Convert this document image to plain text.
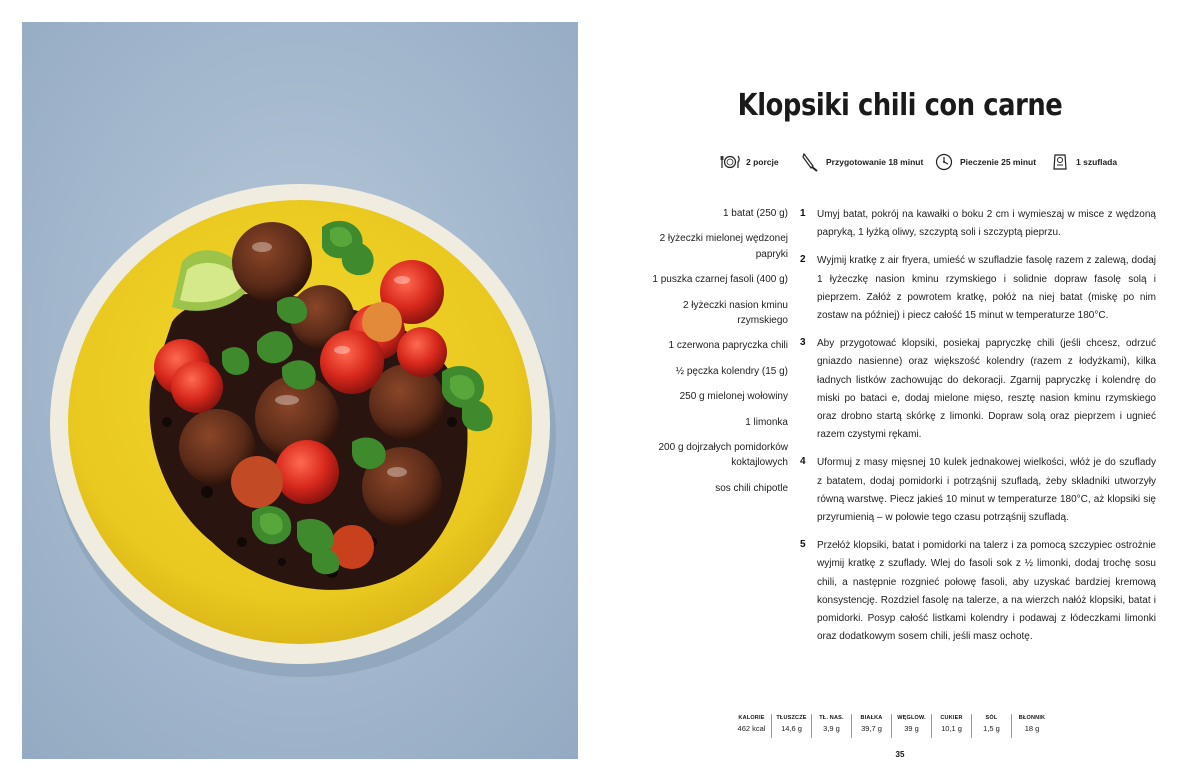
Klopsiki chili con carne
2 porcje	Przygotowanie 18 minut	Pieczenie 25 minut	1 szuflada

1 batat (250 g)

2 łyżeczki mielonej wędzonej papryki

1 puszka czarnej fasoli (400 g)

2 łyżeczki nasion kminu rzymskiego

1 czerwona papryczka chili

½ pęczka kolendry (15 g)

250 g mielonej wołowiny

1 limonka

200 g dojrzałych pomidorków koktajlowych

sos chili chipotle

1 Umyj batat, pokrój na kawałki o boku 2 cm i wymieszaj w misce z wędzoną papryką, 1 łyżką oliwy, szczyptą soli i szczyptą pieprzu.

2 Wyjmij kratkę z air fryera, umieść w szufladzie fasolę razem z zalewą, dodaj 1 łyżeczkę nasion kminu rzymskiego i solidnie dopraw fasolę solą i pieprzem. Załóż z powrotem kratkę, połóż na niej batat (miskę po nim zostaw na później) i piecz całość 15 minut w temperaturze 180°C.

3 Aby przygotować klopsiki, posiekaj papryczkę chili (jeśli chcesz, odrzuć gniazdo nasienne) oraz większość kolendry (razem z łodyżkami), kilka ładnych listków zachowując do dekoracji. Zgarnij papryczkę i kolendrę do miski po bataci e, dodaj mielone mięso, resztę nasion kminu rzymskiego oraz drobno startą skórkę z limonki. Dopraw solą oraz pieprzem i ugnieć razem czystymi rękami.

4 Uformuj z masy mięsnej 10 kulek jednakowej wielkości, włóż je do szuflady z batatem, dodaj pomidorki i potrząśnij szufladą, żeby składniki utworzyły równą warstwę. Piecz jakieś 10 minut w temperaturze 180°C, aż klopsiki się przyrumienią – w połowie tego czasu potrząśnij szufladą.

5 Przełóż klopsiki, batat i pomidorki na talerz i za pomocą szczypiec ostrożnie wyjmij kratkę z szuflady. Wlej do fasoli sok z ½ limonki, dodaj trochę sosu chili, a następnie rozgnieć połowę fasoli, aby uzyskać bardziej kremową konsystencję. Rozdziel fasolę na talerze, a na wierzch nałóż klopsiki, batat i pomidorki. Posyp całość listkami kolendry i podawaj z łódeczkami limonki oraz dodatkowym sosem chili, jeśli masz ochotę.

KALORIE
462 kcal
TŁUSZCZE
14,6 g
TŁ. NAS.
3,9 g
BIAŁKA
39,7 g
WĘGLOW.
39 g
CUKIER
10,1 g
SÓL
1,5 g
BŁONNIK
18 g
35
